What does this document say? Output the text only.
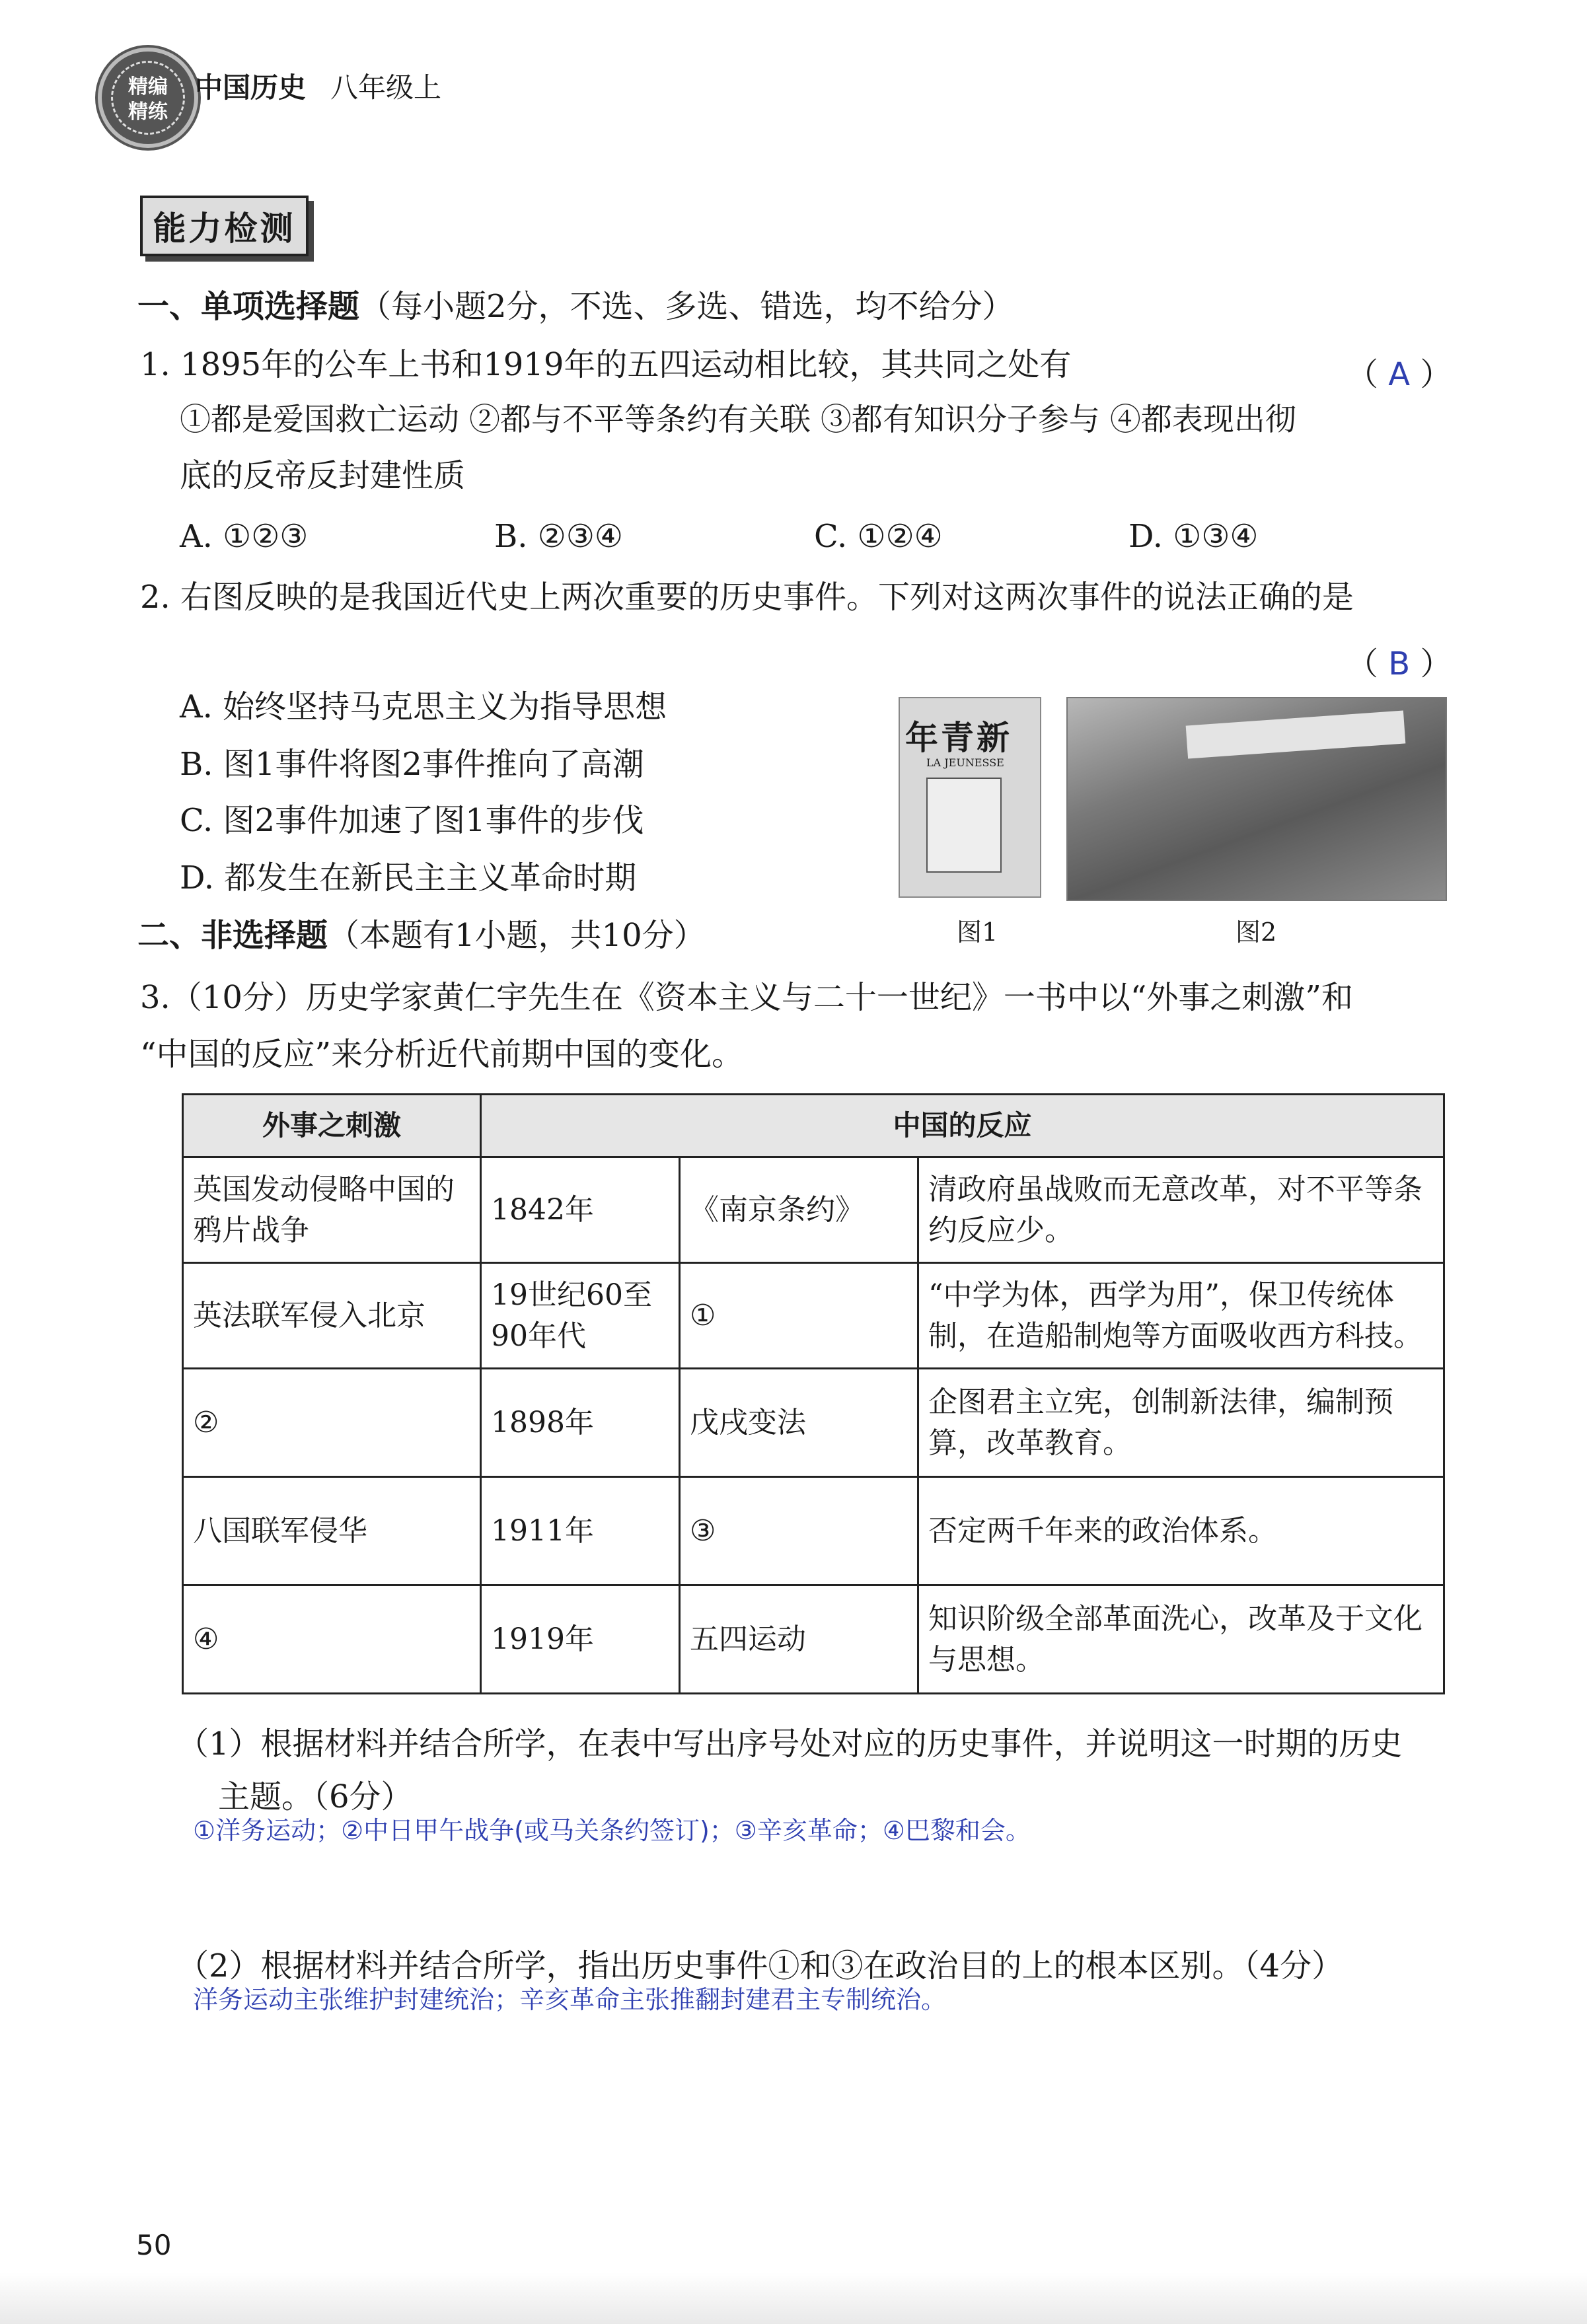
精编
精练
中国历史 八年级上
能力检测
一、单项选择题（每小题2分，不选、多选、错选，均不给分）
1. 1895年的公车上书和1919年的五四运动相比较，其共同之处有	（ A ）
①都是爱国救亡运动 ②都与不平等条约有关联 ③都有知识分子参与 ④都表现出彻
底的反帝反封建性质
A. ①②③	B. ②③④	C. ①②④	D. ①③④
2. 右图反映的是我国近代史上两次重要的历史事件。下列对这两次事件的说法正确的是
（ B ）
A. 始终坚持马克思主义为指导思想
B. 图1事件将图2事件推向了高潮
C. 图2事件加速了图1事件的步伐
D. 都发生在新民主主义革命时期
年青新
LA JEUNESSE
图1	图2
二、非选择题（本题有1小题，共10分）
3.（10分）历史学家黄仁宇先生在《资本主义与二十一世纪》一书中以“外事之刺激”和
“中国的反应”来分析近代前期中国的变化。
外事之刺激	中国的反应		
英国发动侵略中国的鸦片战争	1842年	《南京条约》	清政府虽战败而无意改革，对不平等条约反应少。
英法联军侵入北京	19世纪60至90年代	①	“中学为体，西学为用”，保卫传统体制，在造船制炮等方面吸收西方科技。
②	1898年	戊戌变法	企图君主立宪，创制新法律，编制预算，改革教育。
八国联军侵华	1911年	③	否定两千年来的政治体系。
④	1919年	五四运动	知识阶级全部革面洗心，改革及于文化与思想。
（1）根据材料并结合所学，在表中写出序号处对应的历史事件，并说明这一时期的历史
主题。（6分）
①洋务运动；②中日甲午战争(或马关条约签订)；③辛亥革命；④巴黎和会。
（2）根据材料并结合所学，指出历史事件①和③在政治目的上的根本区别。（4分）
洋务运动主张维护封建统治；辛亥革命主张推翻封建君主专制统治。
50
